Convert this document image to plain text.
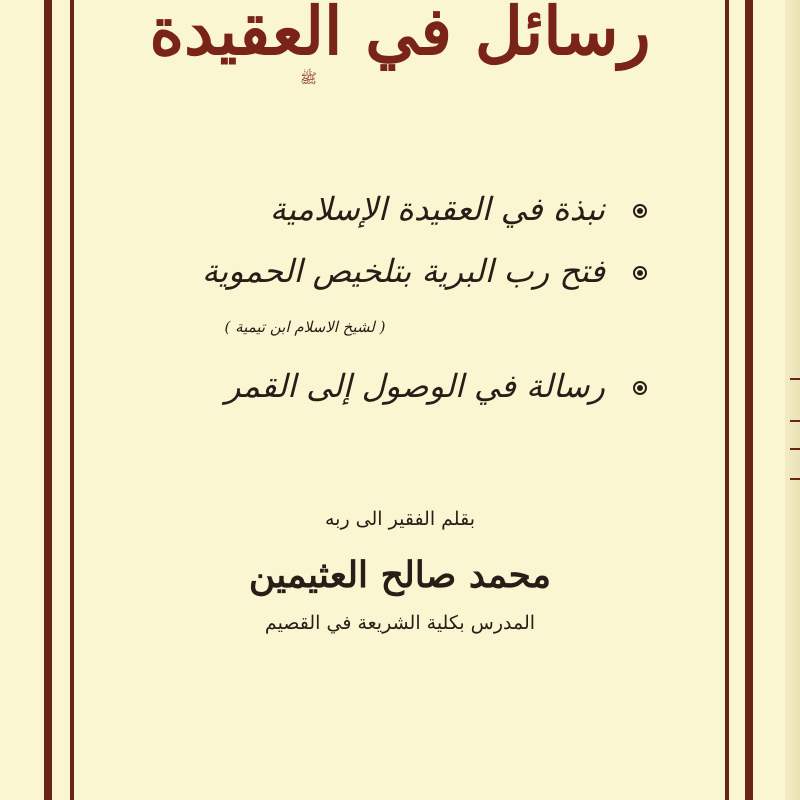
رسائل في العقيدة
ﷺ
نبذة في العقيدة الإسلامية
فتح رب البرية بتلخيص الحموية
رسالة في الوصول إلى القمر
( لشيخ الاسلام ابن تيمية )
بقلم الفقير الى ربه
محمد صالح العثيمين
المدرس بكلية الشريعة في القصيم
